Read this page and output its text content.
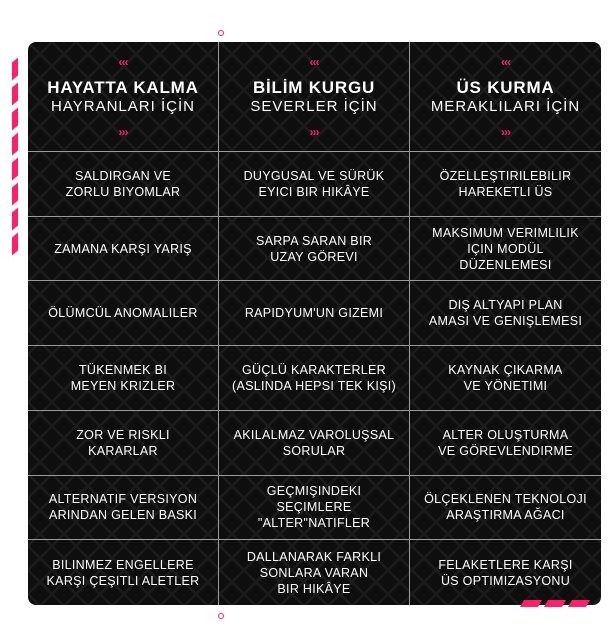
‹‹‹
HAYATTA KALMA
HAYRANLARI İÇİN
›››
‹‹‹
BİLİM KURGU
SEVERLER İÇİN
›››
‹‹‹
ÜS KURMA
MERAKLILARI İÇİN
›››
SALDIRGAN VE
ZORLU BIYOMLAR
DUYGUSAL VE SÜRÜK
EYICI BIR HIKÂYE
ÖZELLEŞTIRILEBILIR
HAREKETLI ÜS
ZAMANA KARŞI YARIŞ
SARPA SARAN BIR
UZAY GÖREVI
MAKSIMUM VERIMLILIK
IÇIN MODÜL
DÜZENLEMESI
ÖLÜMCÜL ANOMALILER	RAPIDYUM'UN GIZEMI
DIŞ ALTYAPI PLAN
AMASI VE GENIŞLEMESI
TÜKENMEK BI
MEYEN KRIZLER
GÜÇLÜ KARAKTERLER
(ASLINDA HEPSI TEK KIŞI)
KAYNAK ÇIKARMA
VE YÖNETIMI
ZOR VE RISKLI
KARARLAR
AKILALMAZ VAROLUŞSAL
SORULAR
ALTER OLUŞTURMA
VE GÖREVLENDIRME
ALTERNATIF VERSIYON
ARINDAN GELEN BASKI
GEÇMIŞINDEKI SEÇIMLERE
"ALTER"NATIFLER
ÖLÇEKLENEN TEKNOLOJI
ARAŞTIRMA AĞACI
BILINMEZ ENGELLERE
KARŞI ÇEŞITLI ALETLER
DALLANARAK FARKLI
SONLARA VARAN
BIR HIKÂYE
FELAKETLERE KARŞI
ÜS OPTIMIZASYONU
